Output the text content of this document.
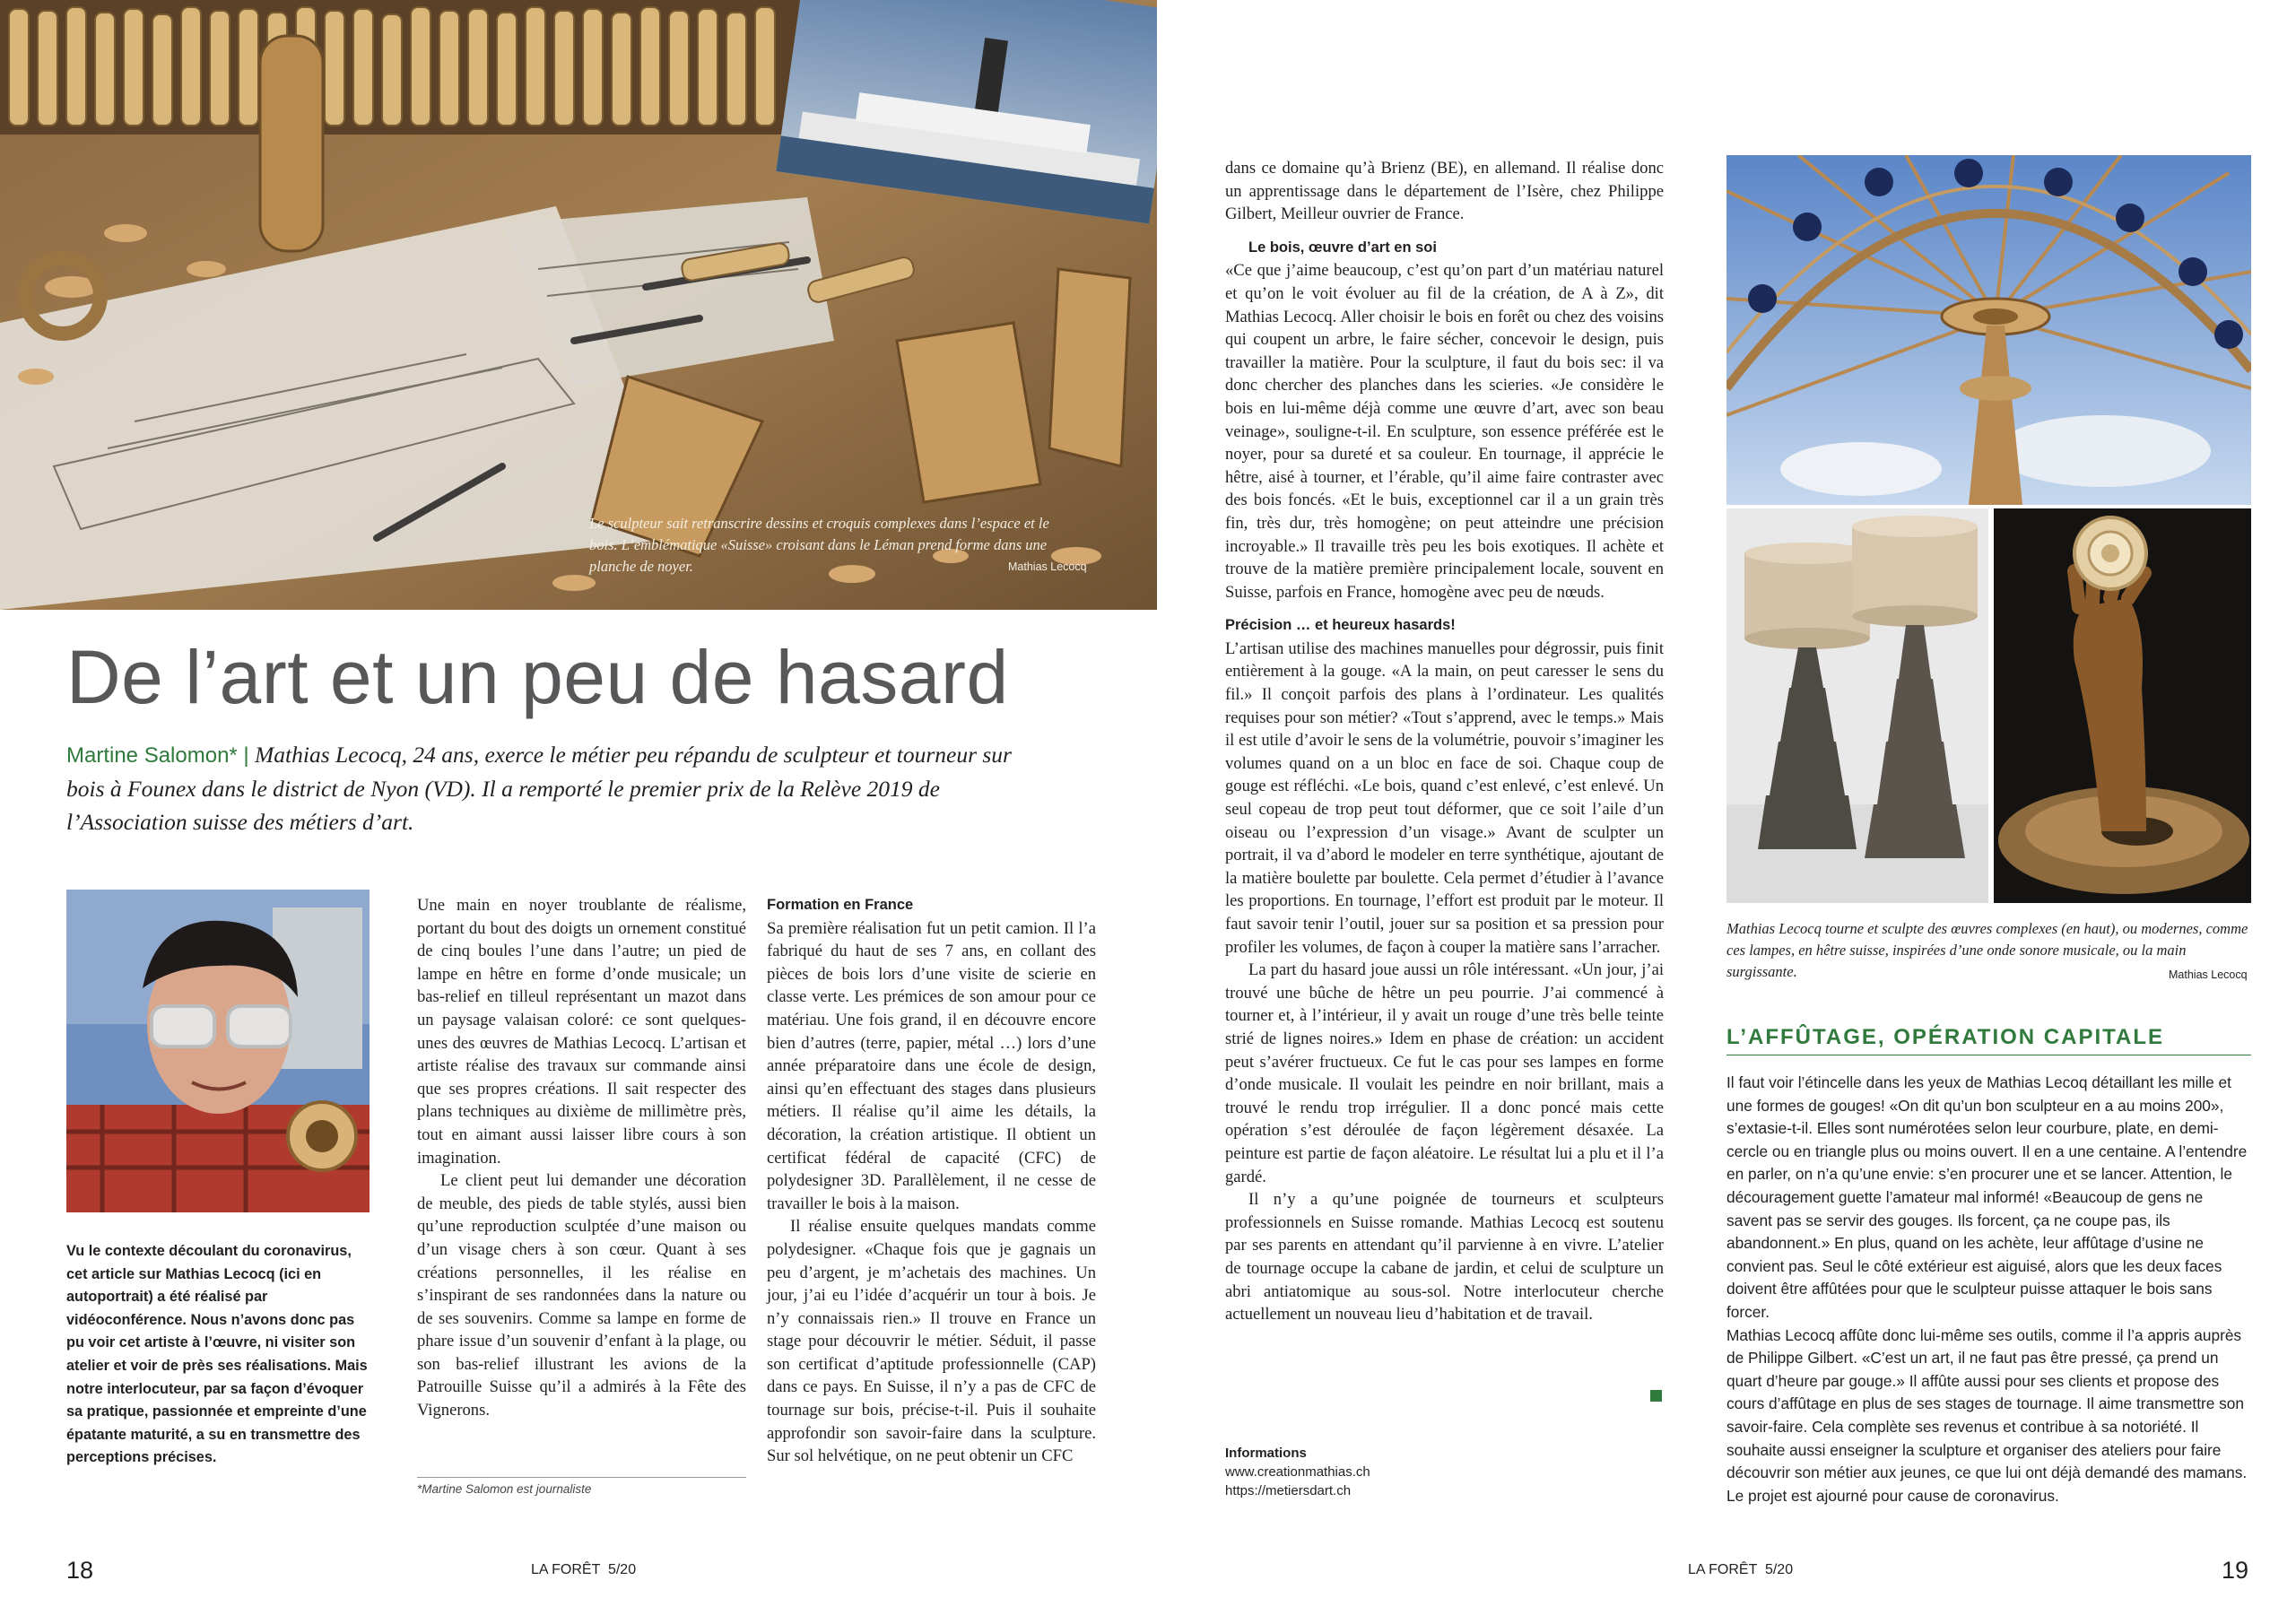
Le sculpteur sait retranscrire dessins et croquis complexes dans l’espace et le bois. L’emblématique «Suisse» croisant dans le Léman prend forme dans une planche de noyer.	Mathias Lecocq
De l’art et un peu de hasard
Martine Salomon* | Mathias Lecocq, 24 ans, exerce le métier peu répandu de sculpteur et tourneur sur bois à Founex dans le district de Nyon (VD). Il a remporté le premier prix de la Relève 2019 de l’Association suisse des métiers d’art.
Vu le contexte découlant du coronavirus, cet article sur Mathias Lecocq (ici en autoportrait) a été réalisé par vidéoconférence. Nous n’avons donc pas pu voir cet artiste à l’œuvre, ni visiter son atelier et voir de près ses réalisations. Mais notre interlocuteur, par sa façon d’évoquer sa pratique, passionnée et empreinte d’une épatante maturité, a su en transmettre des perceptions précises.

Une main en noyer troublante de réalisme, portant du bout des doigts un ornement constitué de cinq boules l’une dans l’autre; un pied de lampe en hêtre en forme d’onde musicale; un bas-relief en tilleul représentant un mazot dans un paysage valaisan coloré: ce sont quelques-unes des œuvres de Mathias Lecocq. L’artisan et artiste réalise des travaux sur commande ainsi que ses propres créations. Il sait respecter des plans techniques au dixième de millimètre près, tout en aimant aussi laisser libre cours à son imagination.

Le client peut lui demander une décoration de meuble, des pieds de table stylés, aussi bien qu’une reproduction sculptée d’une maison ou d’un visage chers à son cœur. Quant à ses créations personnelles, il les réalise en s’inspirant de ses randonnées dans la nature ou de ses souvenirs. Comme sa lampe en forme de phare issue d’un souvenir d’enfant à la plage, ou son bas-relief illustrant les avions de la Patrouille Suisse qu’il a admirés à la Fête des Vignerons.

*Martine Salomon est journaliste

Formation en France

Sa première réalisation fut un petit camion. Il l’a fabriqué du haut de ses 7 ans, en collant des pièces de bois lors d’une visite de scierie en classe verte. Les prémices de son amour pour ce matériau. Une fois grand, il en découvre encore bien d’autres (terre, papier, métal …) lors d’une année préparatoire dans une école de design, ainsi qu’en effectuant des stages dans plusieurs métiers. Il réalise qu’il aime les détails, la décoration, la création artistique. Il obtient un certificat fédéral de capacité (CFC) de polydesigner 3D. Parallèlement, il ne cesse de travailler le bois à la maison.

Il réalise ensuite quelques mandats comme polydesigner. «Chaque fois que je gagnais un peu d’argent, je m’achetais des machines. Un jour, j’ai eu l’idée d’acquérir un tour à bois. Je n’y connaissais rien.» Il trouve en France un stage pour découvrir le métier. Séduit, il passe son certificat d’aptitude professionnelle (CAP) dans ce pays. En Suisse, il n’y a pas de CFC de tournage sur bois, précise-t-il. Puis il souhaite approfondir son savoir-faire dans la sculpture. Sur sol helvétique, on ne peut obtenir un CFC

18	LA FORÊT  5/20

dans ce domaine qu’à Brienz (BE), en allemand. Il réalise donc un apprentissage dans le département de l’Isère, chez Philippe Gilbert, Meilleur ouvrier de France.

Le bois, œuvre d’art en soi

«Ce que j’aime beaucoup, c’est qu’on part d’un matériau naturel et qu’on le voit évoluer au fil de la création, de A à Z», dit Mathias Lecocq. Aller choisir le bois en forêt ou chez des voisins qui coupent un arbre, le faire sécher, concevoir le design, puis travailler la matière. Pour la sculpture, il faut du bois sec: il va donc chercher des planches dans les scieries. «Je considère le bois en lui-même déjà comme une œuvre d’art, avec son beau veinage», souligne-t-il. En sculpture, son essence préférée est le noyer, pour sa dureté et sa couleur. En tournage, il apprécie le hêtre, aisé à tourner, et l’érable, qu’il aime faire contraster avec des bois foncés. «Et le buis, exceptionnel car il a un grain très fin, très dur, très homogène; on peut atteindre une précision incroyable.» Il travaille très peu les bois exotiques. Il achète et trouve de la matière première principalement locale, souvent en Suisse, parfois en France, homogène avec peu de nœuds.

Précision … et heureux hasards!

L’artisan utilise des machines manuelles pour dégrossir, puis finit entièrement à la gouge. «A la main, on peut caresser le sens du fil.» Il conçoit parfois des plans à l’ordinateur. Les qualités requises pour son métier? «Tout s’apprend, avec le temps.» Mais il est utile d’avoir le sens de la volumétrie, pouvoir s’imaginer les volumes quand on a un bloc en face de soi. Chaque coup de gouge est réfléchi. «Le bois, quand c’est enlevé, c’est enlevé. Un seul copeau de trop peut tout déformer, que ce soit l’aile d’un oiseau ou l’expression d’un visage.» Avant de sculpter un portrait, il va d’abord le modeler en terre synthétique, ajoutant de la matière boulette par boulette. Cela permet d’étudier à l’avance les proportions. En tournage, l’effort est produit par le moteur. Il faut savoir tenir l’outil, jouer sur sa position et sa pression pour profiler les volumes, de façon à couper la matière sans l’arracher.

La part du hasard joue aussi un rôle intéressant. «Un jour, j’ai trouvé une bûche de hêtre un peu pourrie. J’ai commencé à tourner et, à l’intérieur, il y avait un rouge d’une très belle teinte strié de lignes noires.» Idem en phase de création: un accident peut s’avérer fructueux. Ce fut le cas pour ses lampes en forme d’onde musicale. Il voulait les peindre en noir brillant, mais a trouvé le rendu trop irrégulier. Il a donc poncé mais cette opération s’est déroulée de façon légèrement désaxée. La peinture est partie de façon aléatoire. Le résultat lui a plu et il l’a gardé.

Il n’y a qu’une poignée de tourneurs et sculpteurs professionnels en Suisse romande. Mathias Lecocq est soutenu par ses parents en attendant qu’il parvienne à en vivre. L’atelier de tournage occupe la cabane de jardin, et celui de sculpture un abri antiatomique au sous-sol. Notre interlocuteur cherche actuellement un nouveau lieu d’habitation et de travail.

Informations
www.creationmathias.ch
https://metiersdart.ch
Mathias Lecocq tourne et sculpte des œuvres complexes (en haut), ou modernes, comme ces lampes, en hêtre suisse, inspirées d’une onde sonore musicale, ou la main surgissante.	Mathias Lecocq
L’AFFÛTAGE, OPÉRATION CAPITALE

Il faut voir l’étincelle dans les yeux de Mathias Lecoq détaillant les mille et une formes de gouges! «On dit qu’un bon sculpteur en a au moins 200», s’extasie-t-il. Elles sont numérotées selon leur courbure, plate, en demi-cercle ou en triangle plus ou moins ouvert. Il en a une centaine. A l’entendre en parler, on n’a qu’une envie: s’en procurer une et se lancer. Attention, le découragement guette l’amateur mal informé! «Beaucoup de gens ne savent pas se servir des gouges. Ils forcent, ça ne coupe pas, ils abandonnent.» En plus, quand on les achète, leur affûtage d’usine ne convient pas. Seul le côté extérieur est aiguisé, alors que les deux faces doivent être affûtées pour que le sculpteur puisse attaquer le bois sans forcer.

Mathias Lecocq affûte donc lui-même ses outils, comme il l’a appris auprès de Philippe Gilbert. «C’est un art, il ne faut pas être pressé, ça prend un quart d’heure par gouge.» Il affûte aussi pour ses clients et propose des cours d’affûtage en plus de ses stages de tournage. Il aime transmettre son savoir-faire. Cela complète ses revenus et contribue à sa notoriété. Il souhaite aussi enseigner la sculpture et organiser des ateliers pour faire découvrir son métier aux jeunes, ce que lui ont déjà demandé des mamans. Le projet est ajourné pour cause de coronavirus.

LA FORÊT  5/20	19
